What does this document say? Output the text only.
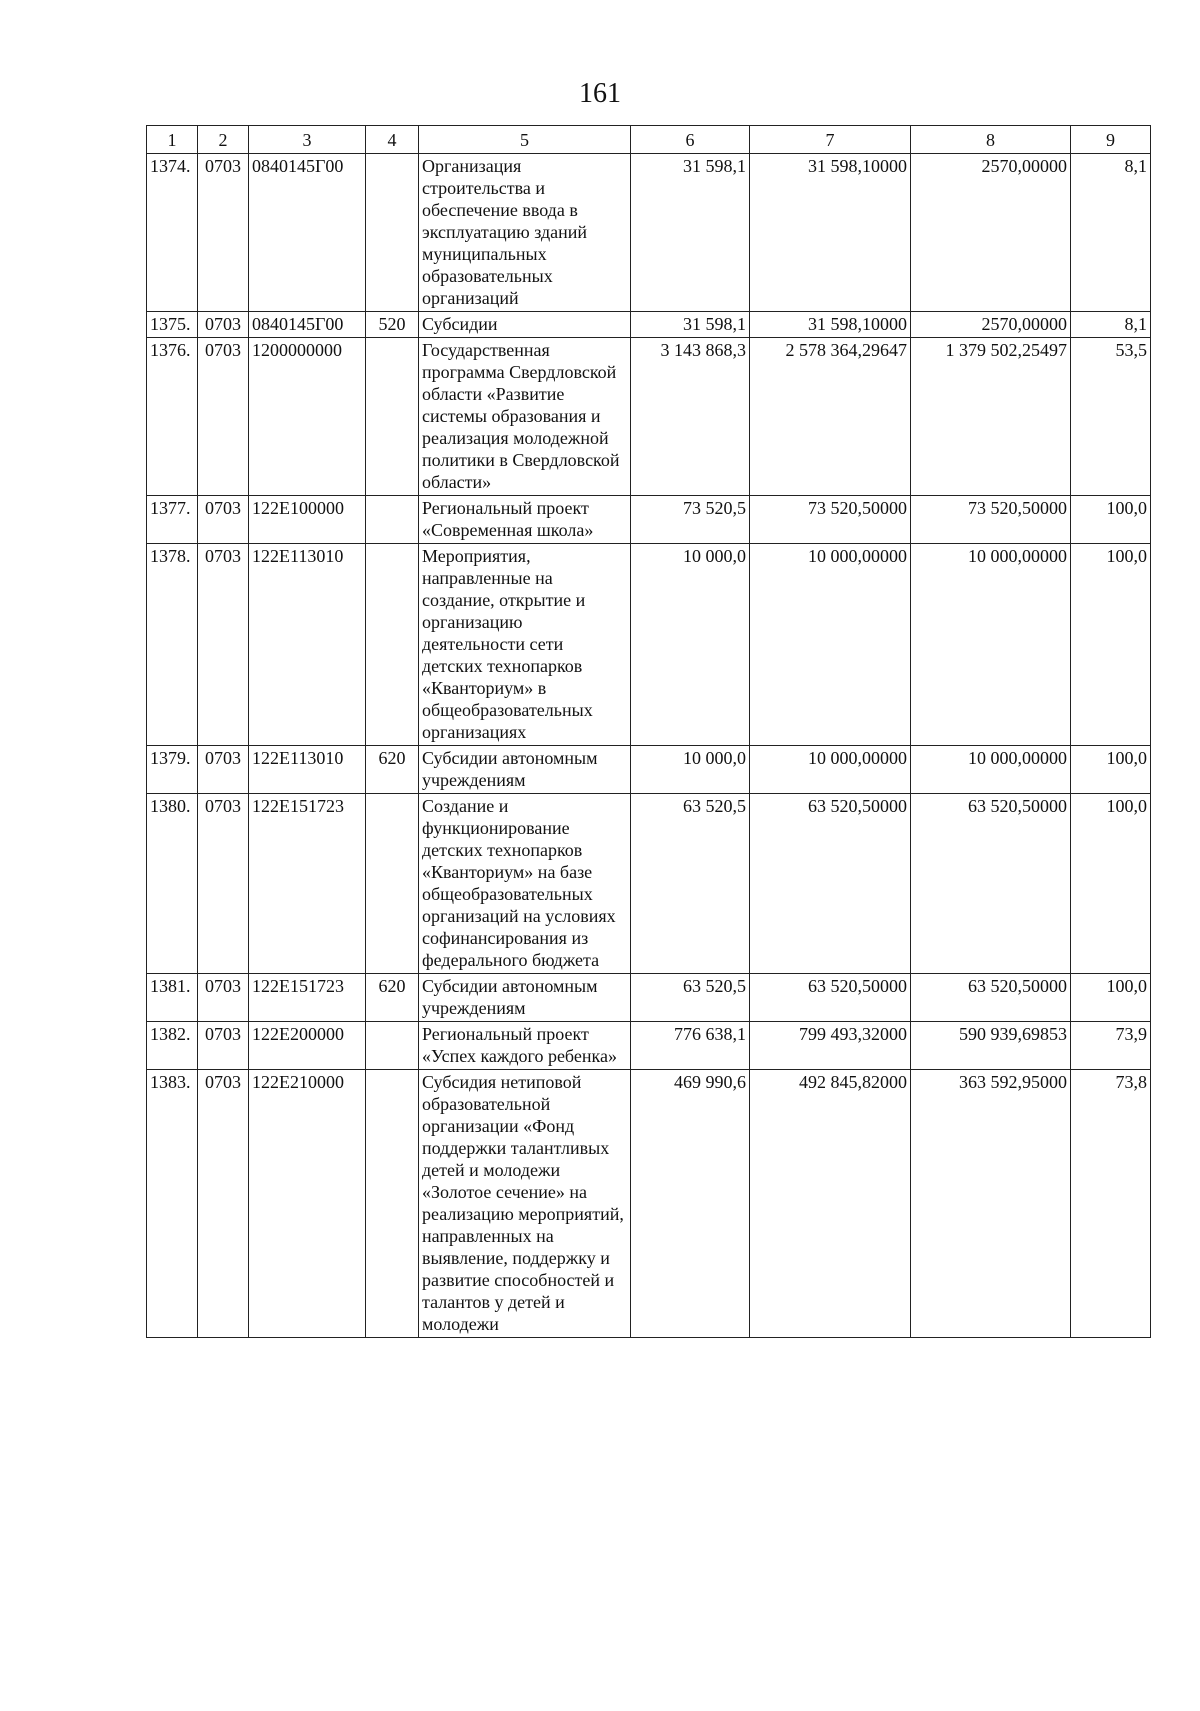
161
1	2	3	4	5	6	7	8	9
1374.	0703	0840145Г00		Организация строительства и обеспечение ввода в эксплуатацию зданий муниципальных образовательных организаций	31 598,1	31 598,10000	2570,00000	8,1
1375.	0703	0840145Г00	520	Субсидии	31 598,1	31 598,10000	2570,00000	8,1
1376.	0703	1200000000		Государственная программа Свердловской области «Развитие системы образования и реализация молодежной политики в Свердловской области»	3 143 868,3	2 578 364,29647	1 379 502,25497	53,5
1377.	0703	122E100000		Региональный проект «Современная школа»	73 520,5	73 520,50000	73 520,50000	100,0
1378.	0703	122E113010		Мероприятия, направленные на создание, открытие и организацию деятельности сети детских технопарков «Кванториум» в общеобразовательных организациях	10 000,0	10 000,00000	10 000,00000	100,0
1379.	0703	122E113010	620	Субсидии автономным учреждениям	10 000,0	10 000,00000	10 000,00000	100,0
1380.	0703	122E151723		Создание и функционирование детских технопарков «Кванториум» на базе общеобразовательных организаций на условиях софинансирования из федерального бюджета	63 520,5	63 520,50000	63 520,50000	100,0
1381.	0703	122E151723	620	Субсидии автономным учреждениям	63 520,5	63 520,50000	63 520,50000	100,0
1382.	0703	122E200000		Региональный проект «Успех каждого ребенка»	776 638,1	799 493,32000	590 939,69853	73,9
1383.	0703	122E210000		Субсидия нетиповой образовательной организации «Фонд поддержки талантливых детей и молодежи «Золотое сечение» на реализацию мероприятий, направленных на выявление, поддержку и развитие способностей и талантов у детей и молодежи	469 990,6	492 845,82000	363 592,95000	73,8
